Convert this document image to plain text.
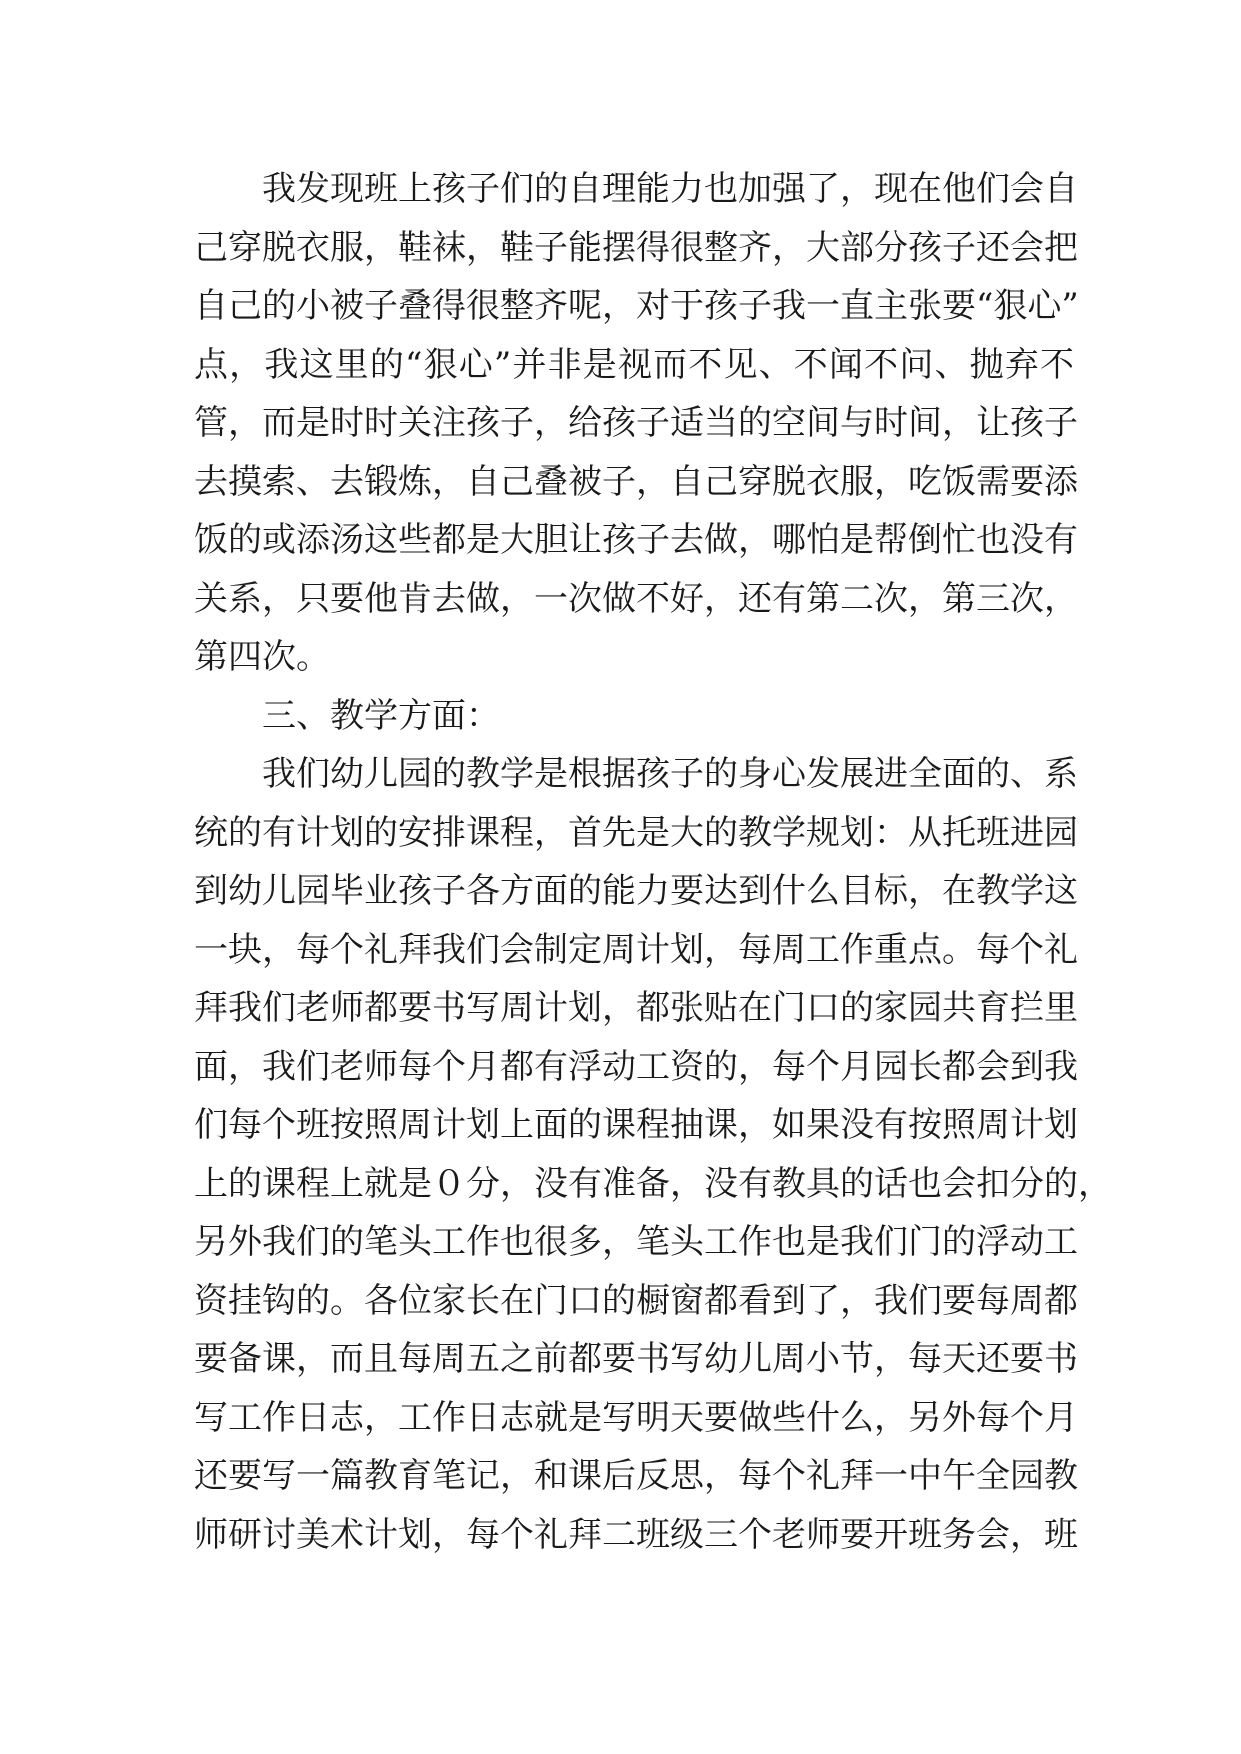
我发现班上孩子们的自理能力也加强了，现在他们会自
己穿脱衣服，鞋袜，鞋子能摆得很整齐，大部分孩子还会把
自己的小被子叠得很整齐呢，对于孩子我一直主张要“狠心”
点，我这里的“狠心”并非是视而不见、不闻不问、抛弃不
管，而是时时关注孩子，给孩子适当的空间与时间，让孩子
去摸索、去锻炼，自己叠被子，自己穿脱衣服，吃饭需要添
饭的或添汤这些都是大胆让孩子去做，哪怕是帮倒忙也没有
关系，只要他肯去做，一次做不好，还有第二次，第三次，
第四次。
三、教学方面：
我们幼儿园的教学是根据孩子的身心发展进全面的、系
统的有计划的安排课程，首先是大的教学规划：从托班进园
到幼儿园毕业孩子各方面的能力要达到什么目标，在教学这
一块，每个礼拜我们会制定周计划，每周工作重点。每个礼
拜我们老师都要书写周计划，都张贴在门口的家园共育拦里
面，我们老师每个月都有浮动工资的，每个月园长都会到我
们每个班按照周计划上面的课程抽课，如果没有按照周计划
上的课程上就是０分，没有准备，没有教具的话也会扣分的，
另外我们的笔头工作也很多，笔头工作也是我们门的浮动工
资挂钩的。各位家长在门口的橱窗都看到了，我们要每周都
要备课，而且每周五之前都要书写幼儿周小节，每天还要书
写工作日志，工作日志就是写明天要做些什么，另外每个月
还要写一篇教育笔记，和课后反思，每个礼拜一中午全园教
师研讨美术计划，每个礼拜二班级三个老师要开班务会，班
